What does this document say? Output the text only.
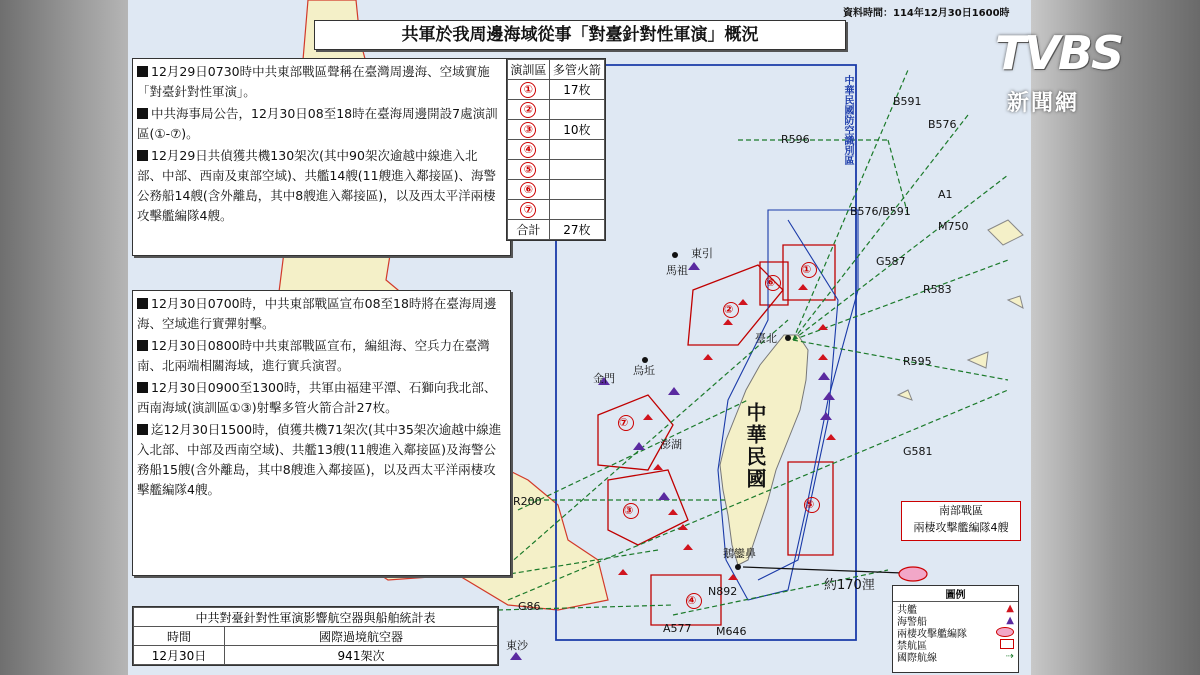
資料時間：114年12月30日1600時
共軍於我周邊海域從事「對臺針對性軍演」概況

12月29日0730時中共東部戰區聲稱在臺灣周邊海、空域實施「對臺針對性軍演」。

中共海事局公告，12月30日08至18時在臺海周邊開設7處演訓區(①-⑦)。

12月29日共偵獲共機130架次(其中90架次逾越中線進入北部、中部、西南及東部空域)、共艦14艘(11艘進入鄰接區)、海警公務船14艘(含外離島，其中8艘進入鄰接區)，以及西太平洋兩棲攻擊艦編隊4艘。

12月30日0700時，中共東部戰區宣布08至18時將在臺海周邊海、空域進行實彈射擊。

12月30日0800時中共東部戰區宣布，編組海、空兵力在臺灣南、北兩端相關海域，進行實兵演習。

12月30日0900至1300時，共軍由福建平潭、石獅向我北部、西南海域(演訓區①③)射擊多管火箭合計27枚。

迄12月30日1500時，偵獲共機71架次(其中35架次逾越中線進入北部、中部及西南空域)、共艦13艘(11艘進入鄰接區)及海警公務船15艘(含外離島，其中8艘進入鄰接區)，以及西太平洋兩棲攻擊艦編隊4艘。

演訓區	多管火箭
①	17枚
②	
③	10枚
④	
⑤	
⑥	
⑦	
合計	27枚
中共對臺針對性軍演影響航空器與船舶統計表	
時間	國際過境航空器
12月30日	941架次
圖例
共艦	▲
海警船	▲
兩棲攻擊艦編隊
禁航區
國際航線	⇢
南部戰區
兩棲攻擊艦編隊4艘
中華民國
中華民國防空識別區
臺北
澎湖
鵝鑾鼻
馬祖
東引
金門
烏坵
東沙
約170浬
B591
R596
B576
B576/B591
A1
M750
G587
R583
R595
G581
R200
G86
A577 M646
N892
①
②
③
④
⑤
⑥
⑦
TVBS
新聞網
